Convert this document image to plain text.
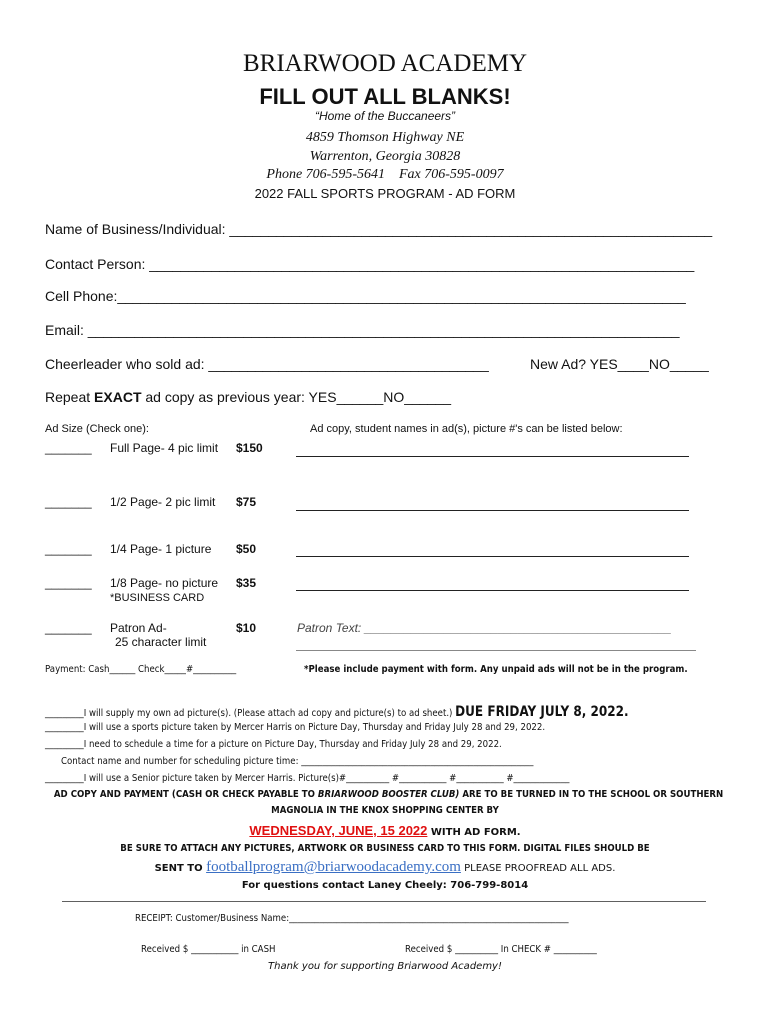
BRIARWOOD ACADEMY
FILL OUT ALL BLANKS!
“Home of the Buccaneers”
4859 Thomson Highway NE
Warrenton, Georgia 30828
Phone 706-595-5641    Fax 706-595-0097
2022 FALL SPORTS PROGRAM - AD FORM
Name of Business/Individual: ______________________________________________________________
Contact Person: ______________________________________________________________________
Cell Phone:_________________________________________________________________________
Email: ____________________________________________________________________________
Cheerleader who sold ad: ____________________________________	New Ad? YES____NO_____
Repeat EXACT ad copy as previous year: YES______NO______
Ad Size (Check one):	Ad copy, student names in ad(s), picture #'s can be listed below:
_______ Full Page- 4 pic limit $150
_______ 1/2 Page- 2 pic limit $75
_______ 1/4 Page- 1 picture $50
_______ 1/8 Page- no picture $35
*BUSINESS CARD
_______ Patron Ad-	$10
25 character limit
Patron Text: ______________________________________________
Payment: Cash______ Check_____#__________	*Please include payment with form. Any unpaid ads will not be in the program.
_________I will supply my own ad picture(s). (Please attach ad copy and picture(s) to ad sheet.) DUE FRIDAY JULY 8, 2022.
_________I will use a sports picture taken by Mercer Harris on Picture Day, Thursday and Friday July 28 and 29, 2022.
_________I need to schedule a time for a picture on Picture Day, Thursday and Friday July 28 and 29, 2022.
Contact name and number for scheduling picture time: ______________________________________________________
_________I will use a Senior picture taken by Mercer Harris. Picture(s)#__________ #___________ #___________ #_____________
AD COPY AND PAYMENT (CASH OR CHECK PAYABLE TO BRIARWOOD BOOSTER CLUB) ARE TO BE TURNED IN TO THE SCHOOL OR SOUTHERN
MAGNOLIA IN THE KNOX SHOPPING CENTER BY
WEDNESDAY, JUNE, 15 2022 WITH AD FORM.
BE SURE TO ATTACH ANY PICTURES, ARTWORK OR BUSINESS CARD TO THIS FORM. DIGITAL FILES SHOULD BE
SENT TO footballprogram@briarwoodacademy.com PLEASE PROOFREAD ALL ADS.
For questions contact Laney Cheely: 706-799-8014
——————————————————————————————————————————————
RECEIPT: Customer/Business Name:_________________________________________________________________
Received $ ___________ in CASH	Received $ __________ In CHECK # __________
Thank you for supporting Briarwood Academy!
